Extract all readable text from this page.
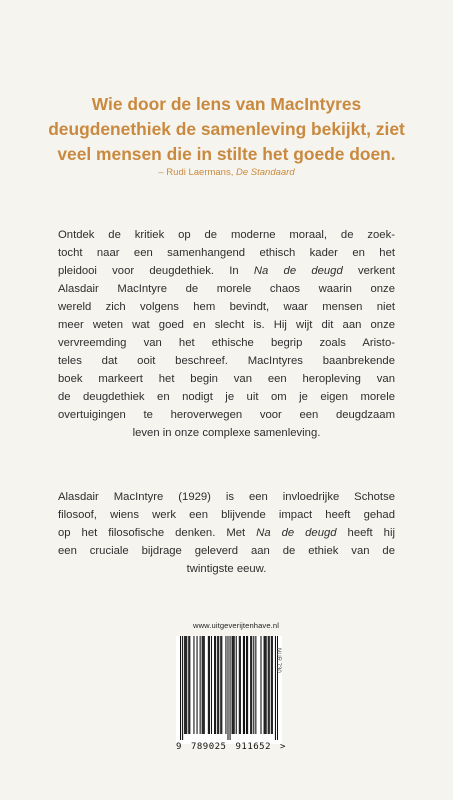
Wie door de lens van MacIntyres
deugdenethiek de samenleving bekijkt, ziet
veel mensen die in stilte het goede doen.
– Rudi Laermans, De Standaard
Ontdek de kritiek op de moderne moraal, de zoek-
tocht naar een samenhangend ethisch kader en het
pleidooi voor deugdethiek. In Na de deugd verkent
Alasdair MacIntyre de morele chaos waarin onze
wereld zich volgens hem bevindt, waar mensen niet
meer weten wat goed en slecht is. Hij wijt dit aan onze
vervreemding van het ethische begrip zoals Aristo-
teles dat ooit beschreef. MacIntyres baanbrekende
boek markeert het begin van een heropleving van
de deugdethiek en nodigt je uit om je eigen morele
overtuigingen te heroverwegen voor een deugdzaam
leven in onze complexe samenleving.
Alasdair MacIntyre (1929) is een invloedrijke Schotse
filosoof, wiens werk een blijvende impact heeft gehad
op het filosofische denken. Met Na de deugd heeft hij
een cruciale bijdrage geleverd aan de ethiek van de
twintigste eeuw.
www.uitgeverijtenhave.nl
NUR 730
9 789025 911652 >
